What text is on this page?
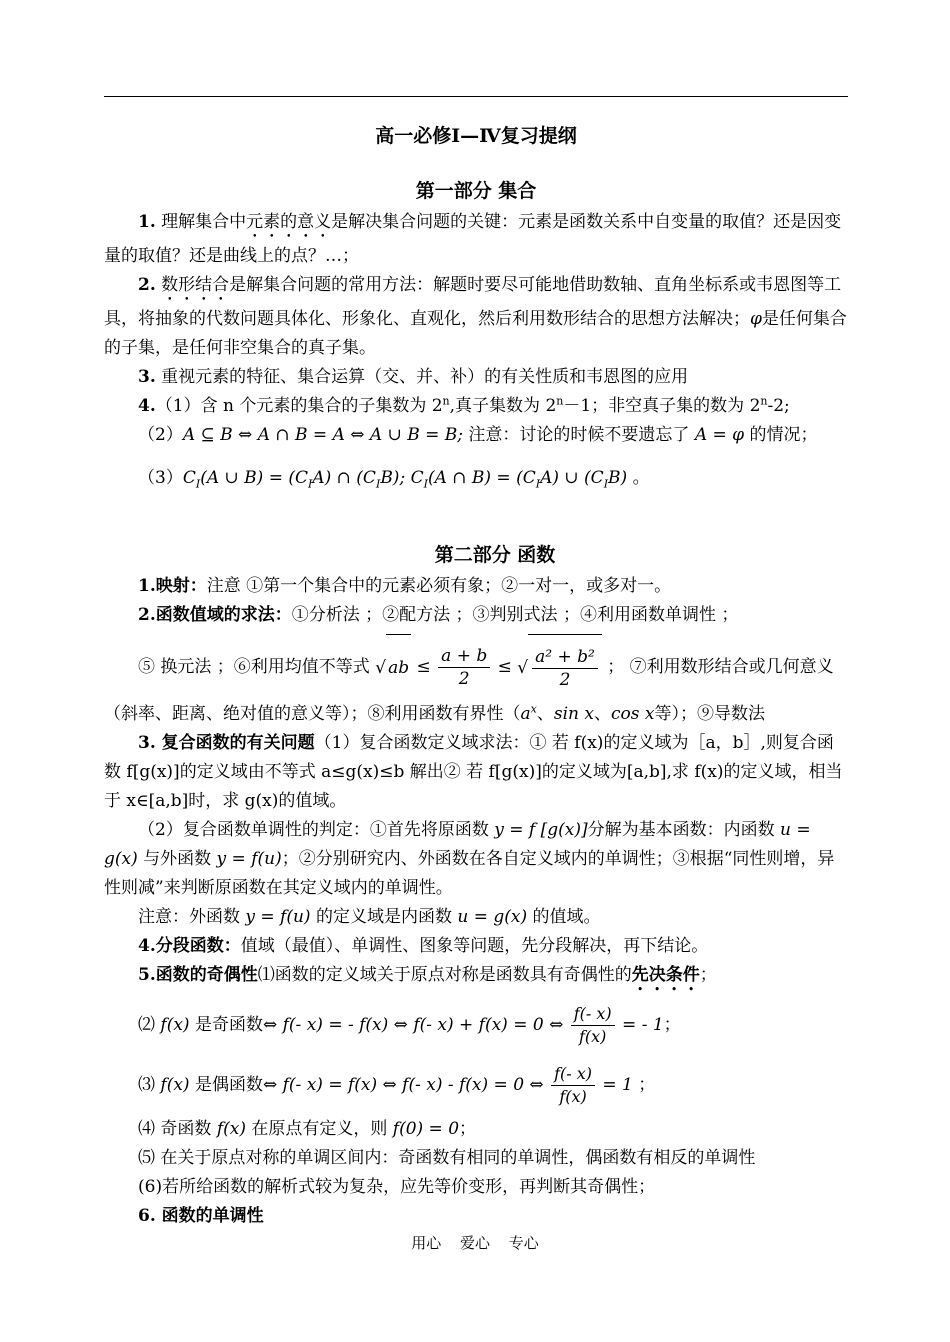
高一必修Ⅰ—Ⅳ复习提纲
第一部分 集合

1. 理解集合中元素的意义是解决集合问题的关键：元素是函数关系中自变量的取值？还是因变量的取值？还是曲线上的点？…；

2. 数形结合是解集合问题的常用方法：解题时要尽可能地借助数轴、直角坐标系或韦恩图等工具，将抽象的代数问题具体化、形象化、直观化，然后利用数形结合的思想方法解决；φ是任何集合的子集，是任何非空集合的真子集。

3. 重视元素的特征、集合运算（交、并、补）的有关性质和韦恩图的应用

4.（1）含 n 个元素的集合的子集数为 2$^n$,真子集数为 $2^n-1$；非空真子集的数为 2$^n$-2;

（2）A ⊆ B ⇔ A ∩ B = A ⇔ A ∪ B = B; 注意：讨论的时候不要遗忘了 A = φ 的情况；

$(3)C_I(A$ ∪ $B) = (C_IA)$ ∩ $(C_IB)$; $C_I(A$ ∩ $B) = (C_IA)$ ∪ $(C_IB)$ 。
第二部分 函数

1.映射：注意 ①第一个集合中的元素必须有象；②一对一，或多对一。

2.函数值域的求法：①分析法 ；②配方法 ；③判别式法 ；④利用函数单调性 ；

⑤ 换元法 ；⑥利用均值不等式 √ ab ≤ $\frac{a + b}{2}$ ≤ √ $\frac{\text{a² + b²}}{2}$ ； ⑦利用数形结合或几何意义

（斜率、距离、绝对值的意义等）；⑧利用函数有界性（$a^x$、sin x、cos x等）；⑨导数法

3. 复合函数的有关问题（1）复合函数定义域求法：① 若 f(x)的定义域为［a，b］,则复合函数 f[g(x)]的定义域由不等式 a≤g(x)≤b 解出② 若 f[g(x)]的定义域为[a,b],求 f(x)的定义域，相当于 x∈[a,b]时，求 g(x)的值域。

（2）复合函数单调性的判定：①首先将原函数 y = f [g(x)]分解为基本函数：内函数 u = g(x) 与外函数 y = f(u)；②分别研究内、外函数在各自定义域内的单调性；③根据“同性则增，异性则减”来判断原函数在其定义域内的单调性。

注意：外函数 y = f(u) 的定义域是内函数 u = g(x) 的值域。

4.分段函数：值域（最值）、单调性、图象等问题，先分段解决，再下结论。

5.函数的奇偶性⑴函数的定义域关于原点对称是函数具有奇偶性的先决条件；

⑵ f(x) 是奇函数⇔ f(- x) = - f(x) ⇔ f(- x) + f(x) = 0 ⇔ $\frac{f(- x)}{f(x)}$ = - 1；
⑶ f(x) 是偶函数⇔ f(- x) = f(x) ⇔ f(- x) - f(x) = 0 ⇔ $\frac{f(- x)}{f(x)} = 1$ ；

⑷ 奇函数 f(x) 在原点有定义，则 f(0) = 0；

⑸ 在关于原点对称的单调区间内：奇函数有相同的单调性，偶函数有相反的单调性

(6)若所给函数的解析式较为复杂，应先等价变形，再判断其奇偶性；

6. 函数的单调性

用心 爱心 专心
